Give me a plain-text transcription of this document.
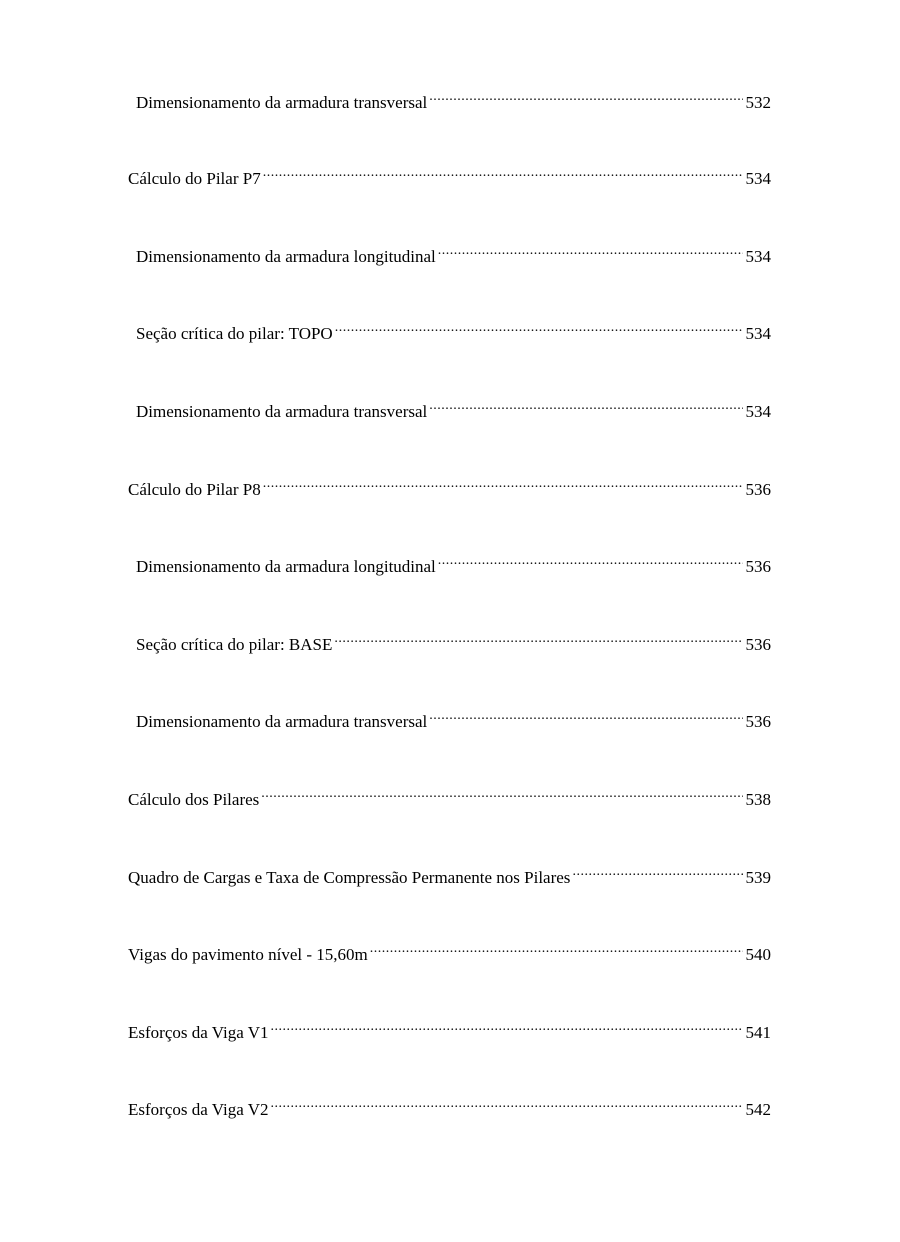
Dimensionamento da armadura transversal .....	532
Cálculo do Pilar P7 .....	534
Dimensionamento da armadura longitudinal .....	534
Seção crítica do pilar: TOPO .....	534
Dimensionamento da armadura transversal .....	534
Cálculo do Pilar P8 .....	536
Dimensionamento da armadura longitudinal .....	536
Seção crítica do pilar: BASE .....	536
Dimensionamento da armadura transversal .....	536
Cálculo dos Pilares .....	538
Quadro de Cargas e Taxa de Compressão Permanente nos Pilares .....	539
Vigas do pavimento nível - 15,60m .....	540
Esforços da Viga V1 .....	541
Esforços da Viga V2 .....	542
